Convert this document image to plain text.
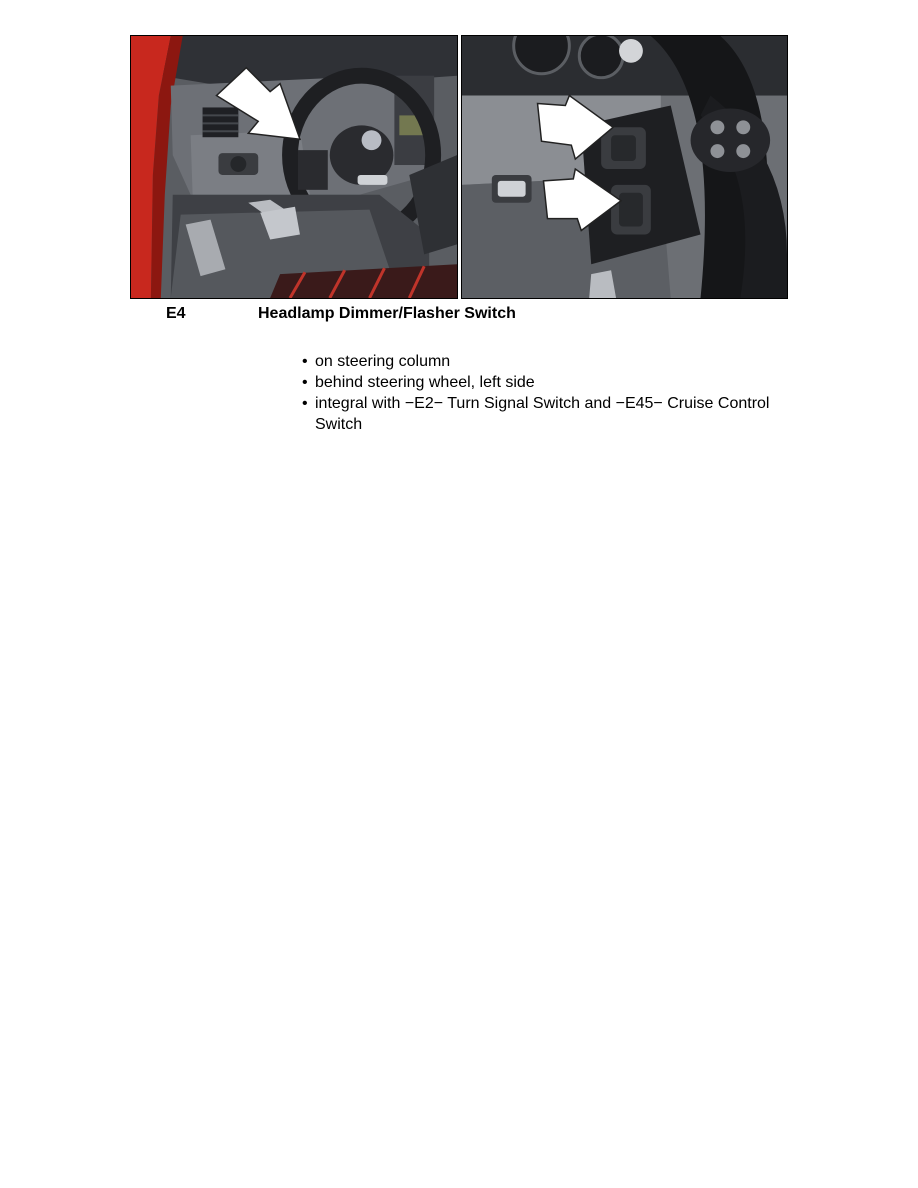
E4	Headlamp Dimmer/Flasher Switch
• on steering column
• behind steering wheel, left side
• integral with −E2− Turn Signal Switch and −E45− Cruise Control Switch
